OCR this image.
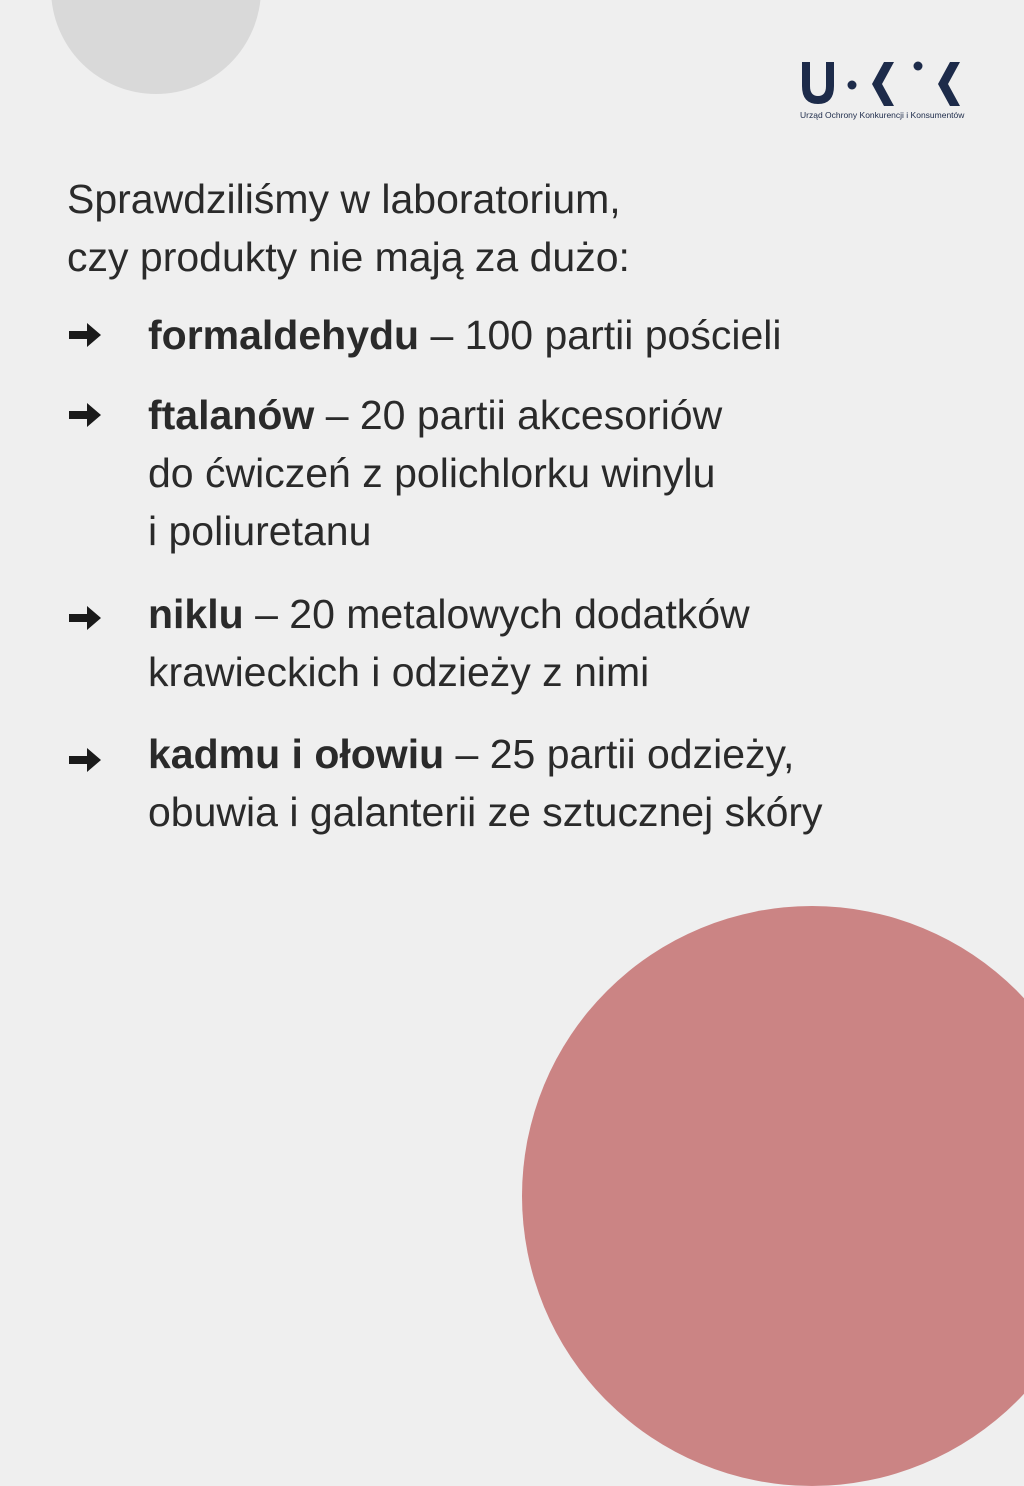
Urząd Ochrony Konkurencji i Konsumentów
Sprawdziliśmy w laboratorium,
czy produkty nie mają za dużo:
formaldehydu – 100 partii pościeli
ftalanów – 20 partii akcesoriów
do ćwiczeń z polichlorku winylu
i poliuretanu
niklu – 20 metalowych dodatków
krawieckich i odzieży z nimi
kadmu i ołowiu – 25 partii odzieży,
obuwia i galanterii ze sztucznej skóry
